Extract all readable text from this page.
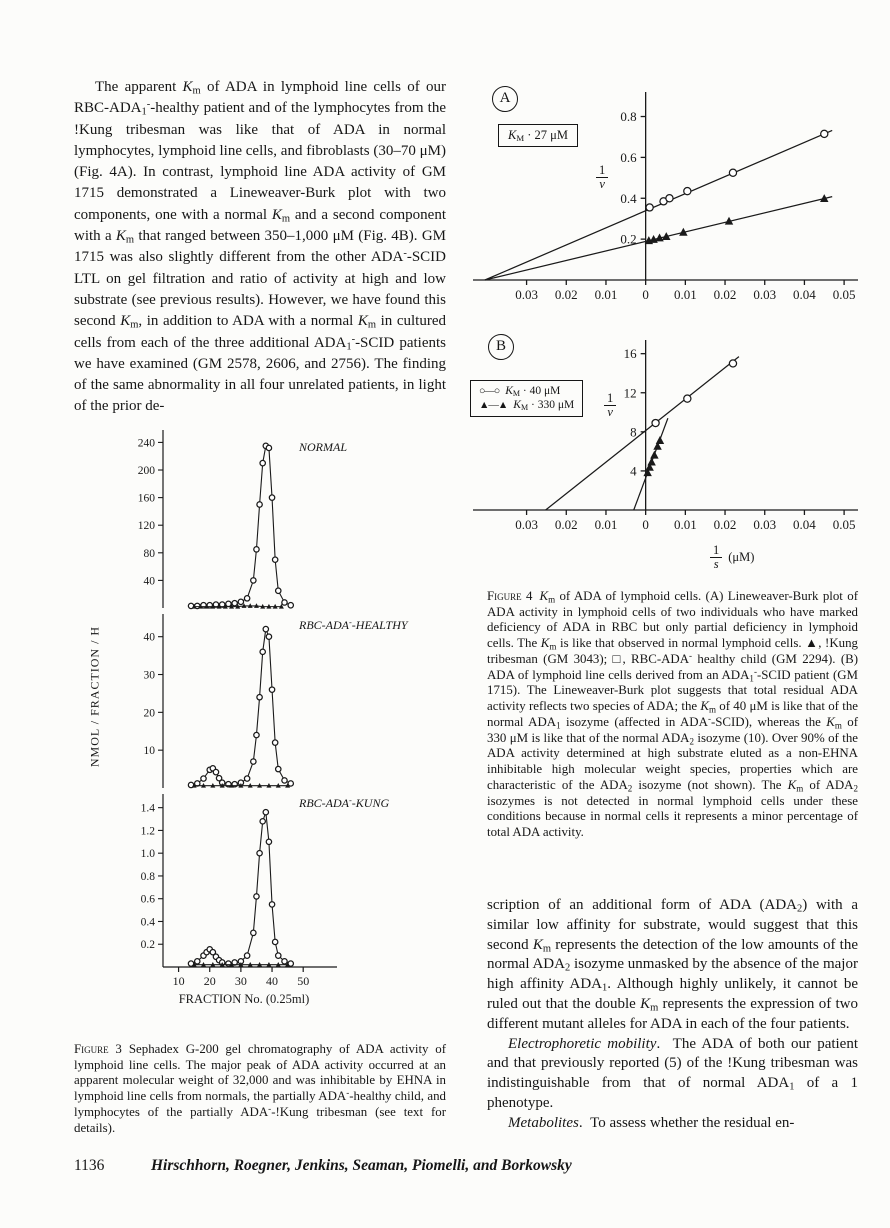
The apparent $K_m$ of ADA in lymphoid line cells of our RBC-$ADA_1^-$-healthy patient and of the lymphocytes from the !Kung tribesman was like that of ADA in normal lymphocytes, lymphoid line cells, and fibroblasts (30–70 μM) (Fig. 4A). In contrast, lymphoid line ADA activity of GM 1715 demonstrated a Lineweaver-Burk plot with two components, one with a normal $K_m$ and a second component with a $K_m$ that ranged between 350–1,000 μM (Fig. 4B). GM 1715 was also slightly different from the other ADA--SCID LTL on gel filtration and ratio of activity at high and low substrate (see previous results). However, we have found this second $K_m$, in addition to ADA with a normal $K_m$ in cultured cells from each of the three additional $ADA_1^-$-SCID patients we have examined (GM 2578, 2606, and 2756). The finding of the same abnormality in all four unrelated patients, in light of the prior de-

0.03 0.02 0.01 0 0.01 0.02 0.03 0.04 0.05
0.2
0.4
0.6
0.8
A
$K_M \cdot 27$ μM
$\frac{1}{v}$
0.03 0.02 0.01 0 0.01 0.02 0.03 0.04 0.05
4
8
12
16
B
○—○ $K_M \cdot 40$ μM
▲—▲ $K_M \cdot 330$ μM $\frac{1}{v}$
$\frac{1}{s} (\mu M)$
Figure 4 $K_m$ of ADA of lymphoid cells. (A) Lineweaver-Burk plot of ADA activity in lymphoid cells of two individuals who have marked deficiency of ADA in RBC but only partial deficiency in lymphoid cells. The $K_m$ is like that observed in normal lymphoid cells. ▲, !Kung tribesman (GM 3043); □, RBC-ADA- healthy child (GM 2294). (B) ADA of lymphoid line cells derived from an $ADA_1^-$-SCID patient (GM 1715). The Lineweaver-Burk plot suggests that total residual ADA activity reflects two species of ADA; the $K_m$ of 40 μM is like that of the normal $ADA_1$ isozyme (affected in ADA--SCID), whereas the $K_m$ of 330 μM is like that of the normal $ADA_2$ isozyme (10). Over 90% of the ADA activity determined at high substrate eluted as a non-EHNA inhibitable high molecular weight species, properties which are characteristic of the $ADA_2$ isozyme (not shown). The $K_m$ of $ADA_2$ isozymes is not detected in normal lymphoid cells under these conditions because in normal cells it represents a minor percentage of total ADA activity.
40
80
120
160
200
240
10
20
30
40
0.2
0.4
0.6
0.8
1.0
1.2
1.4
10 20 30 40 50
FRACTION No. (0.25ml)
NMOL / FRACTION / H
NORMAL
RBC-ADA--HEALTHY
RBC-ADA--KUNG
Figure 3 Sephadex G-200 gel chromatography of ADA activity of lymphoid line cells. The major peak of ADA activity occurred at an apparent molecular weight of 32,000 and was inhibitable by EHNA in lymphoid line cells from normals, the partially ADA--healthy child, and lymphocytes of the partially ADA--!Kung tribesman (see text for details).

scription of an additional form of ADA $(ADA_2)$ with a similar low affinity for substrate, would suggest that this second $K_m$ represents the detection of the low amounts of the normal $ADA_2$ isozyme unmasked by the absence of the major high affinity $ADA_1$. Although highly unlikely, it cannot be ruled out that the double $K_m$ represents the expression of two different mutant alleles for ADA in each of the four patients.

Electrophoretic mobility.  The ADA of both our patient and that previously reported (5) of the !Kung tribesman was indistinguishable from that of normal $ADA_1$ of a 1 phenotype.

Metabolites.  To assess whether the residual en-

1136	Hirschhorn, Roegner, Jenkins, Seaman, Piomelli, and Borkowsky
